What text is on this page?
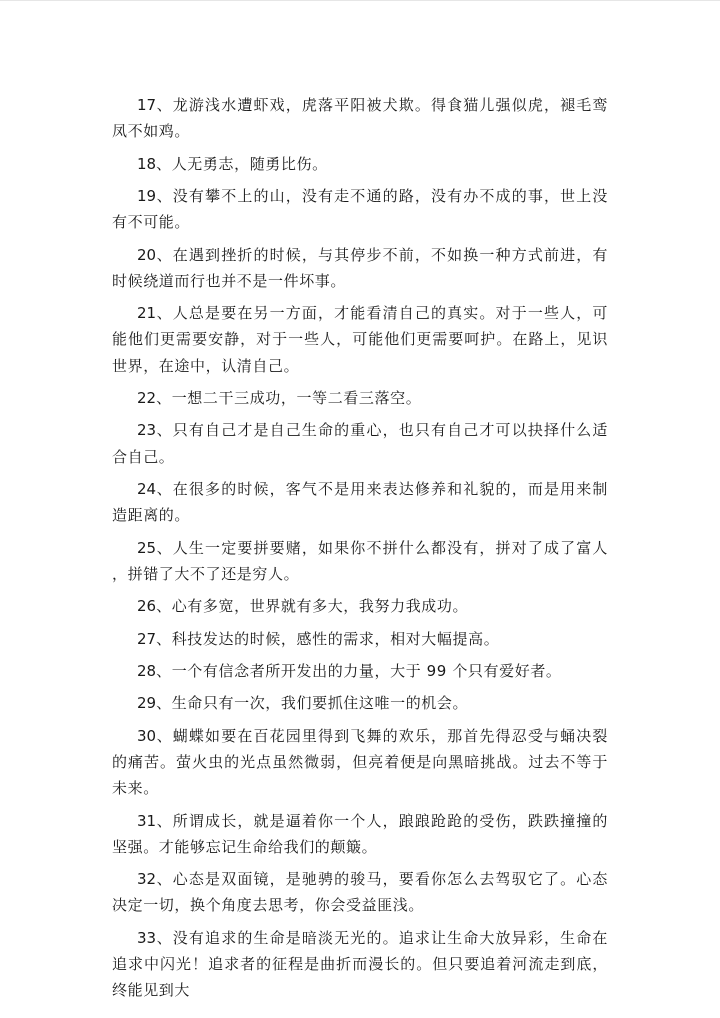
17、龙游浅水遭虾戏，虎落平阳被犬欺。得食猫儿强似虎，褪毛鸾凤不如鸡。

18、人无勇志，随勇比伤。

19、没有攀不上的山，没有走不通的路，没有办不成的事，世上没有不可能。

20、在遇到挫折的时候，与其停步不前，不如换一种方式前进，有时候绕道而行也并不是一件坏事。

21、人总是要在另一方面，才能看清自己的真实。对于一些人，可能他们更需要安静，对于一些人，可能他们更需要呵护。在路上，见识世界，在途中，认清自己。

22、一想二干三成功，一等二看三落空。

23、只有自己才是自己生命的重心，也只有自己才可以抉择什么适合自己。

24、在很多的时候，客气不是用来表达修养和礼貌的，而是用来制造距离的。

25、人生一定要拼要赌，如果你不拼什么都没有，拼对了成了富人，拼错了大不了还是穷人。

26、心有多宽，世界就有多大，我努力我成功。

27、科技发达的时候，感性的需求，相对大幅提高。

28、一个有信念者所开发出的力量，大于 99 个只有爱好者。

29、生命只有一次，我们要抓住这唯一的机会。

30、蝴蝶如要在百花园里得到飞舞的欢乐，那首先得忍受与蛹决裂的痛苦。萤火虫的光点虽然微弱，但亮着便是向黑暗挑战。过去不等于未来。

31、所谓成长，就是逼着你一个人，踉踉跄跄的受伤，跌跌撞撞的坚强。才能够忘记生命给我们的颠簸。

32、心态是双面镜，是驰骋的骏马，要看你怎么去驾驭它了。心态决定一切，换个角度去思考，你会受益匪浅。

33、没有追求的生命是暗淡无光的。追求让生命大放异彩，生命在追求中闪光！追求者的征程是曲折而漫长的。但只要追着河流走到底，终能见到大
